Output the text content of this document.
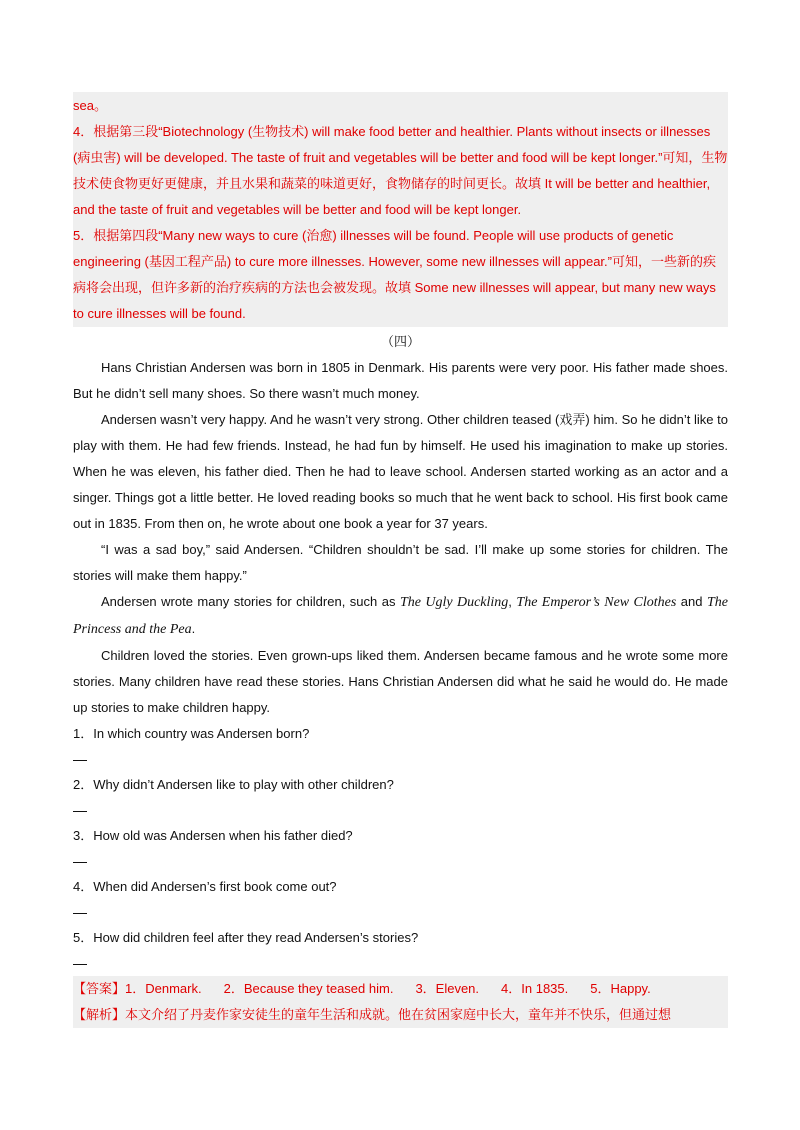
sea。

4．根据第三段“Biotechnology (生物技术) will make food better and healthier. Plants without insects or illnesses (病虫害) will be developed. The taste of fruit and vegetables will be better and food will be kept longer.”可知，生物技术使食物更好更健康，并且水果和蔬菜的味道更好，食物储存的时间更长。故填 It will be better and healthier, and the taste of fruit and vegetables will be better and food will be kept longer.

5．根据第四段“Many new ways to cure (治愈) illnesses will be found. People will use products of genetic engineering (基因工程产品) to cure more illnesses. However, some new illnesses will appear.”可知，一些新的疾病将会出现，但许多新的治疗疾病的方法也会被发现。故填 Some new illnesses will appear, but many new ways to cure illnesses will be found.

（四）

Hans Christian Andersen was born in 1805 in Denmark. His parents were very poor. His father made shoes. But he didn’t sell many shoes. So there wasn’t much money.

Andersen wasn’t very happy. And he wasn’t very strong. Other children teased (戏弄) him. So he didn’t like to play with them. He had few friends. Instead, he had fun by himself. He used his imagination to make up stories. When he was eleven, his father died. Then he had to leave school. Andersen started working as an actor and a singer. Things got a little better. He loved reading books so much that he went back to school. His first book came out in 1835. From then on, he wrote about one book a year for 37 years.

“I was a sad boy,” said Andersen. “Children shouldn’t be sad. I’ll make up some stories for children. The stories will make them happy.”

Andersen wrote many stories for children, such as The Ugly Duckling, The Emperor’s New Clothes and The Princess and the Pea.

Children loved the stories. Even grown-ups liked them. Andersen became famous and he wrote some more stories. Many children have read these stories. Hans Christian Andersen did what he said he would do. He made up stories to make children happy.

1．In which country was Andersen born?

2．Why didn’t Andersen like to play with other children?

3．How old was Andersen when his father died?

4．When did Andersen’s first book come out?

5．How did children feel after they read Andersen’s stories?

【答案】1．Denmark. 2．Because they teased him. 3．Eleven. 4．In 1835. 5．Happy.

【解析】本文介绍了丹麦作家安徒生的童年生活和成就。他在贫困家庭中长大，童年并不快乐，但通过想
